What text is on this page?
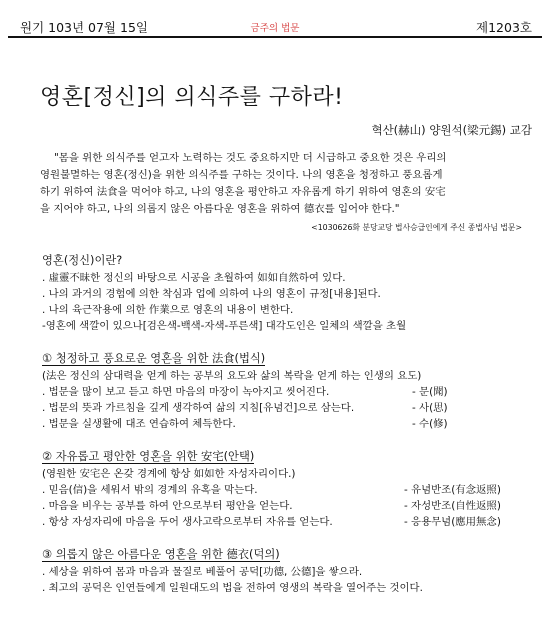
원기 103년 07월 15일	금주의 법문	제1203호
영혼[정신]의 의식주를 구하라!
혁산(赫山) 양원석(梁元錫) 교감
"몸을 위한 의식주를 얻고자 노력하는 것도 중요하지만 더 시급하고 중요한 것은 우리의
영원불멸하는 영혼(정신)을 위한 의식주를 구하는 것이다. 나의 영혼을 청정하고 풍요롭게
하기 위하여 法食을 먹어야 하고, 나의 영혼을 평안하고 자유롭게 하기 위하여 영혼의 安宅
을 지어야 하고, 나의 의롭지 않은 아름다운 영혼을 위하여 德衣를 입어야 한다."
<1030626화 분당교당 법사승급인에게 주신 종법사님 법문>
영혼(정신)이란?
. 虛靈不昧한 정신의 바탕으로 시공을 초월하여 如如自然하여 있다.
. 나의 과거의 경험에 의한 착심과 업에 의하여 나의 영혼이 규정[내용]된다.
. 나의 육근작용에 의한 作業으로 영혼의 내용이 변한다.
-영혼에 색깔이 있으나[검은색-백색-자색-푸른색] 대각도인은 일체의 색깔을 초월
① 청정하고 풍요로운 영혼을 위한 法食(법식)
(法은 정신의 삼대력을 얻게 하는 공부의 요도와 삶의 복락을 얻게 하는 인생의 요도)
. 법문을 많이 보고 듣고 하면 마음의 마장이 녹아지고 씻어진다.	- 문(聞)
. 법문의 뜻과 가르침을 깊게 생각하여 삶의 지침[유념건]으로 삼는다.	- 사(思)
. 법문을 실생활에 대조 연습하여 체득한다.	- 수(修)
② 자유롭고 평안한 영혼을 위한 安宅(안택)
(영원한 安宅은 온갖 경계에 항상 如如한 자성자리이다.)
. 믿음(信)을 세워서 밖의 경계의 유혹을 막는다.	- 유념반조(有念返照)
. 마음을 비우는 공부를 하여 안으로부터 평안을 얻는다.	- 자성반조(自性返照)
. 항상 자성자리에 마음을 두어 생사고락으로부터 자유를 얻는다.	- 응용무념(應用無念)
③ 의롭지 않은 아름다운 영혼을 위한 德衣(덕의)
. 세상을 위하여 몸과 마음과 물질로 베풀어 공덕[功德, 公德]을 쌓으라.
. 최고의 공덕은 인연들에게 일원대도의 법을 전하여 영생의 복락을 열어주는 것이다.
